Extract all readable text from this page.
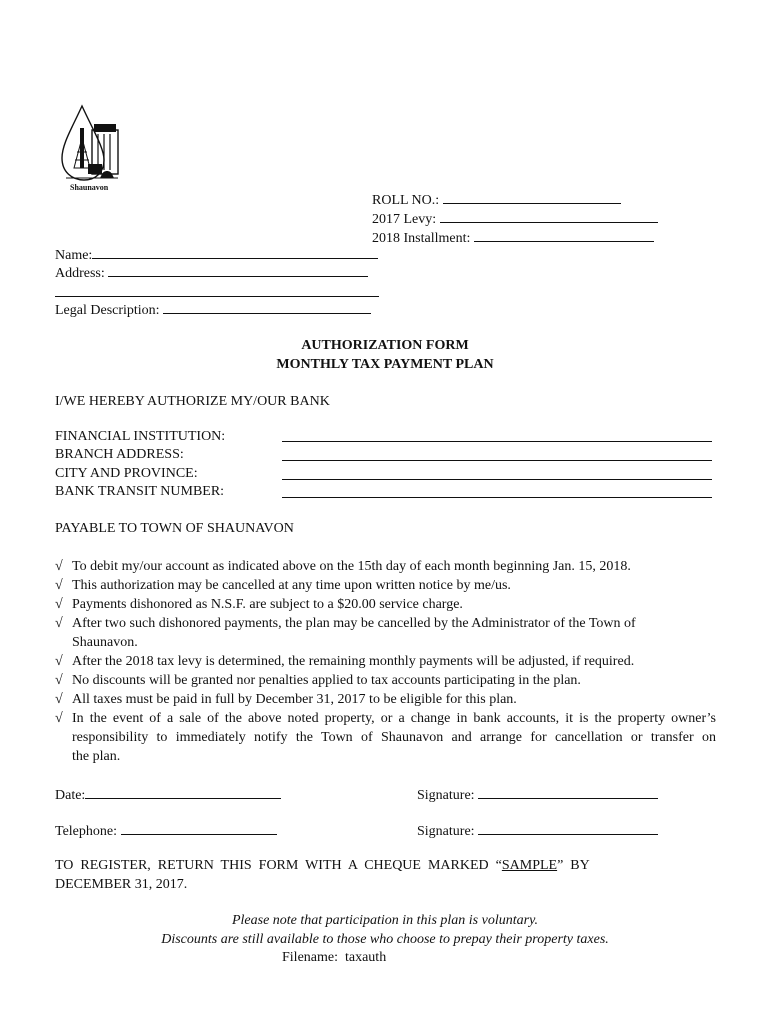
Shaunavon
ROLL NO.:
2017 Levy:
2018 Installment:
Name:
Address:
Legal Description:
AUTHORIZATION FORM
MONTHLY TAX PAYMENT PLAN
I/WE HEREBY AUTHORIZE MY/OUR BANK
FINANCIAL INSTITUTION:
BRANCH ADDRESS:
CITY AND PROVINCE:
BANK TRANSIT NUMBER:
PAYABLE TO TOWN OF SHAUNAVON
√ To debit my/our account as indicated above on the 15th day of each month beginning Jan. 15, 2018.
√ This authorization may be cancelled at any time upon written notice by me/us.
√ Payments dishonored as N.S.F. are subject to a $20.00 service charge.
√ After two such dishonored payments, the plan may be cancelled by the Administrator of the Town of
Shaunavon.
√ After the 2018 tax levy is determined, the remaining monthly payments will be adjusted, if required.
√ No discounts will be granted nor penalties applied to tax accounts participating in the plan.
√ All taxes must be paid in full by December 31, 2017 to be eligible for this plan.
√ In the event of a sale of the above noted property, or a change in bank accounts, it is the property owner’s
responsibility to immediately notify the Town of Shaunavon and arrange for cancellation or transfer on
the plan.
Date:	Signature:
Telephone:	Signature:
TO  REGISTER,  RETURN  THIS  FORM  WITH  A  CHEQUE  MARKED  “SAMPLE”  BY
DECEMBER 31, 2017.
Please note that participation in this plan is voluntary.
Discounts are still available to those who choose to prepay their property taxes.
Filename:  taxauth
